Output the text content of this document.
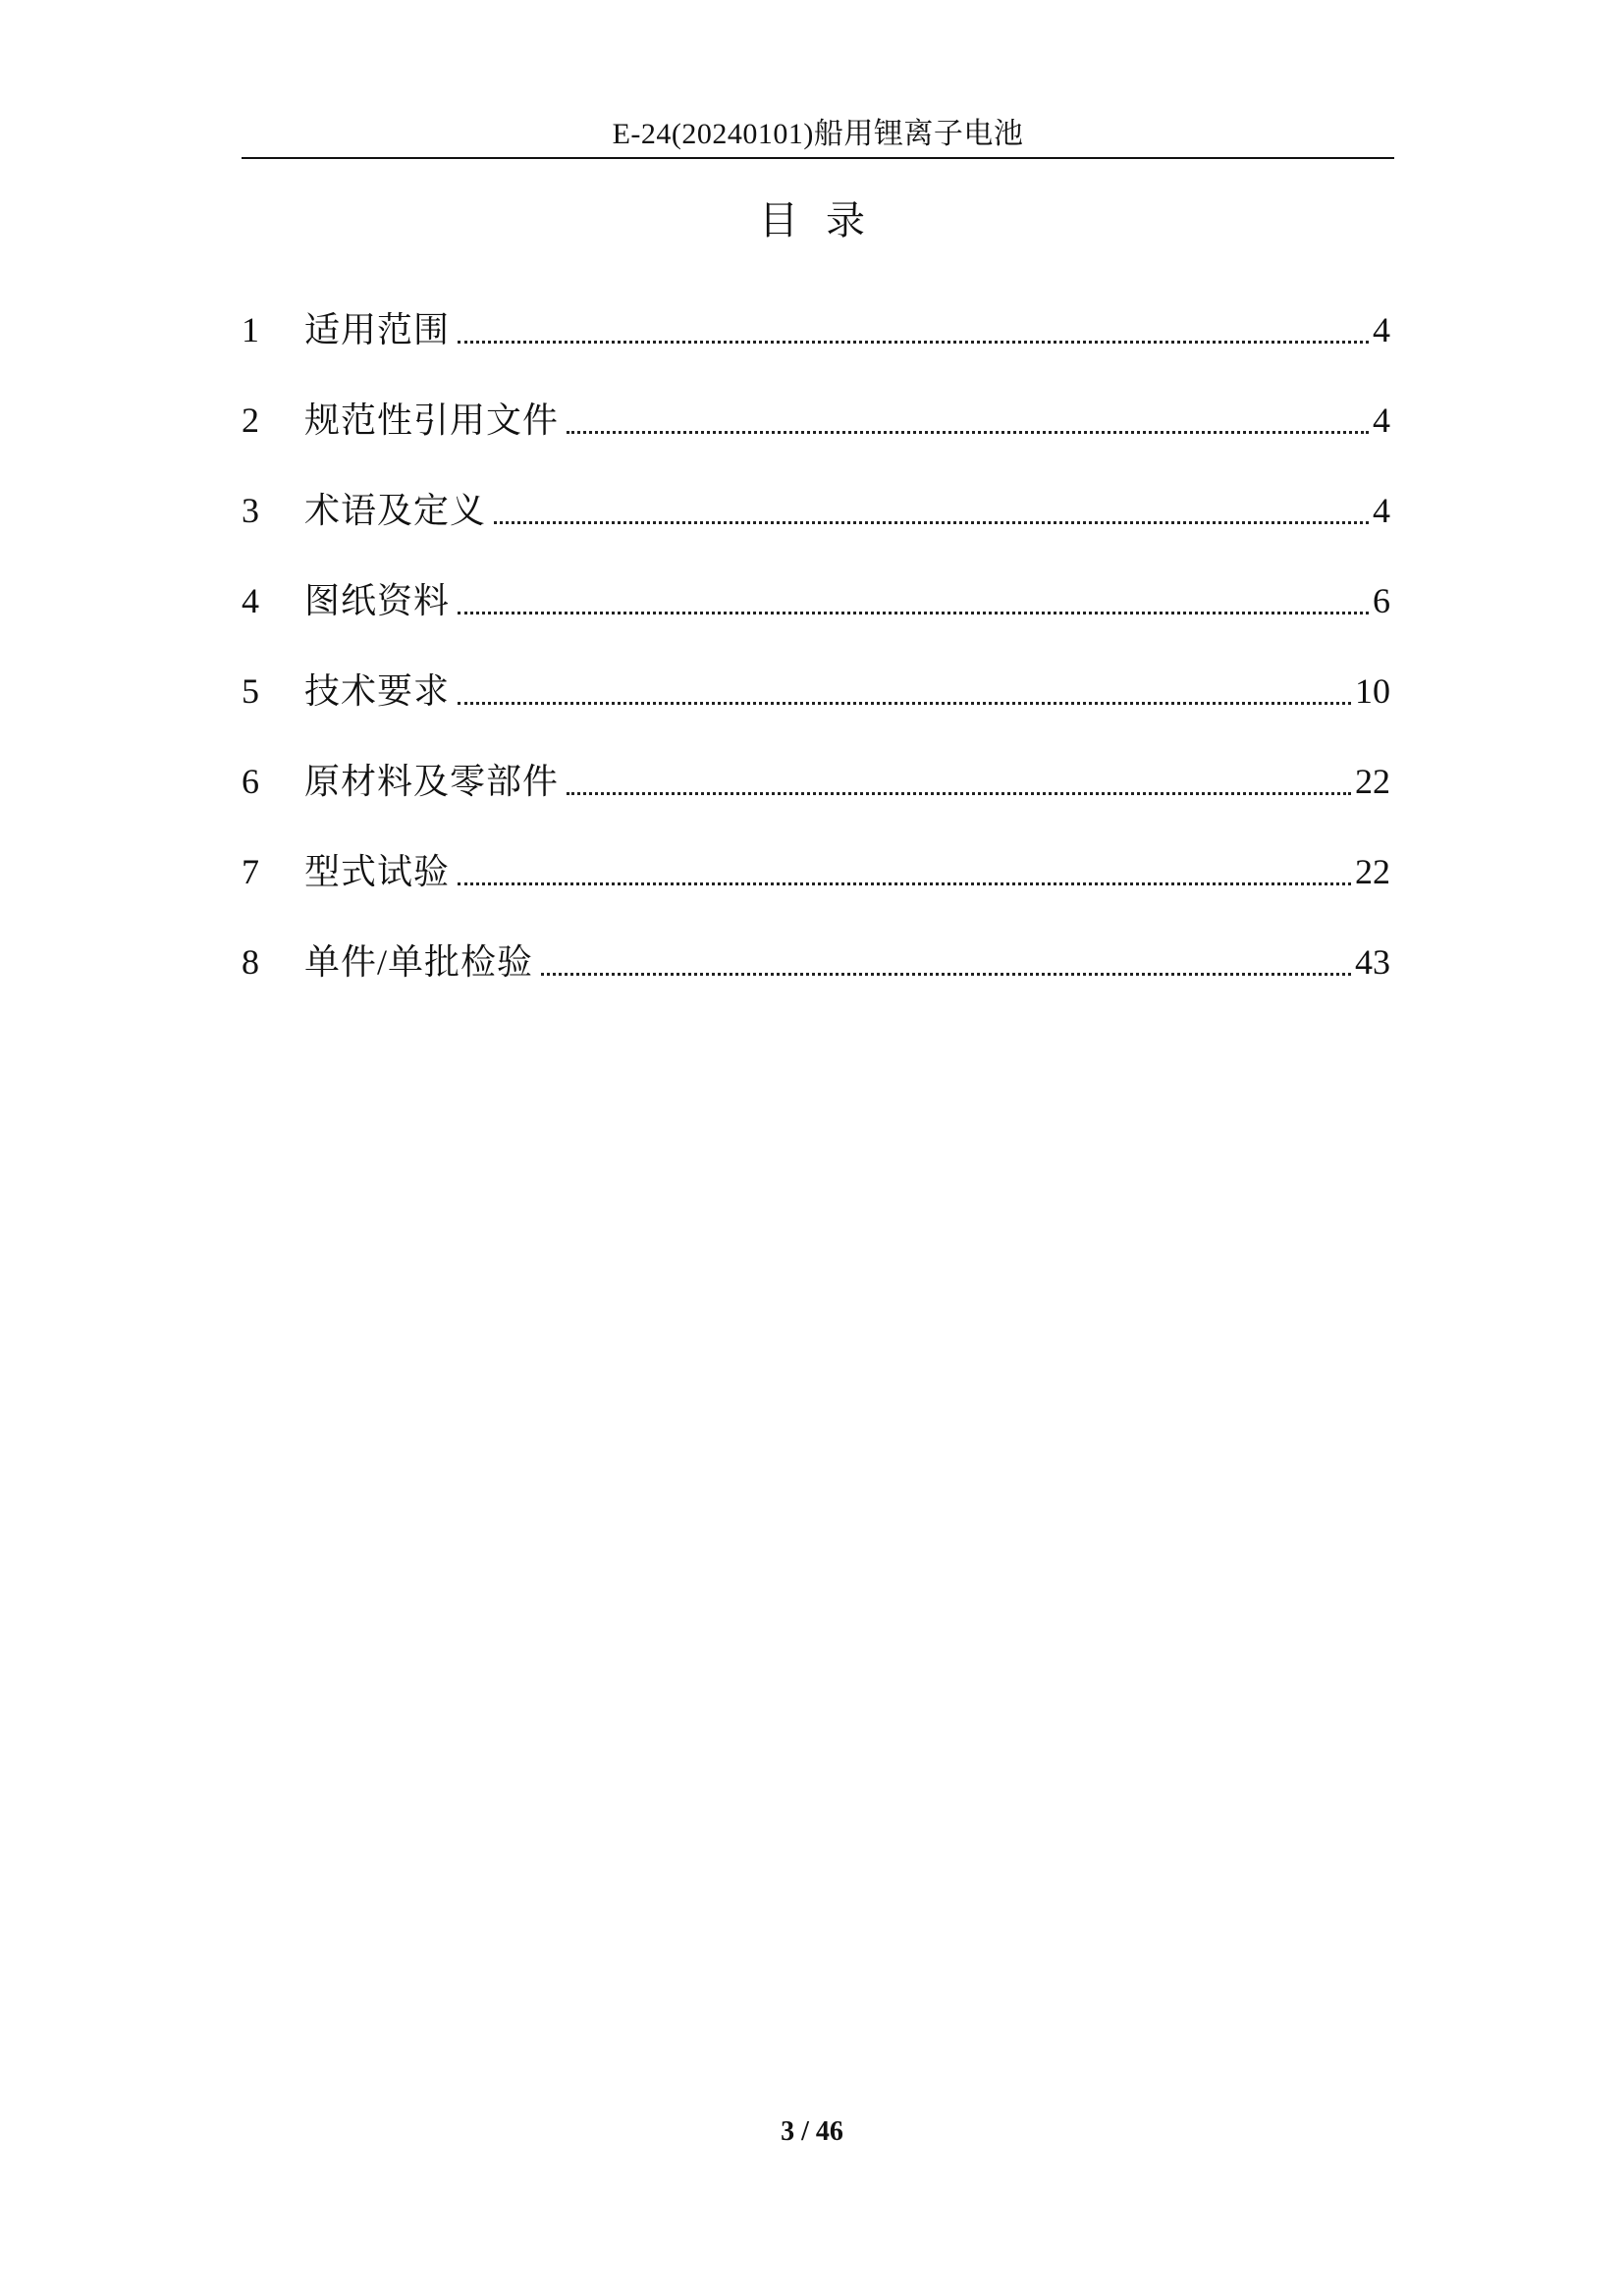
E-24(20240101)船用锂离子电池
目录
1	适用范围	4
2	规范性引用文件	4
3	术语及定义	4
4	图纸资料	6
5	技术要求	10
6	原材料及零部件	22
7	型式试验	22
8	单件/单批检验	43
3 / 46
